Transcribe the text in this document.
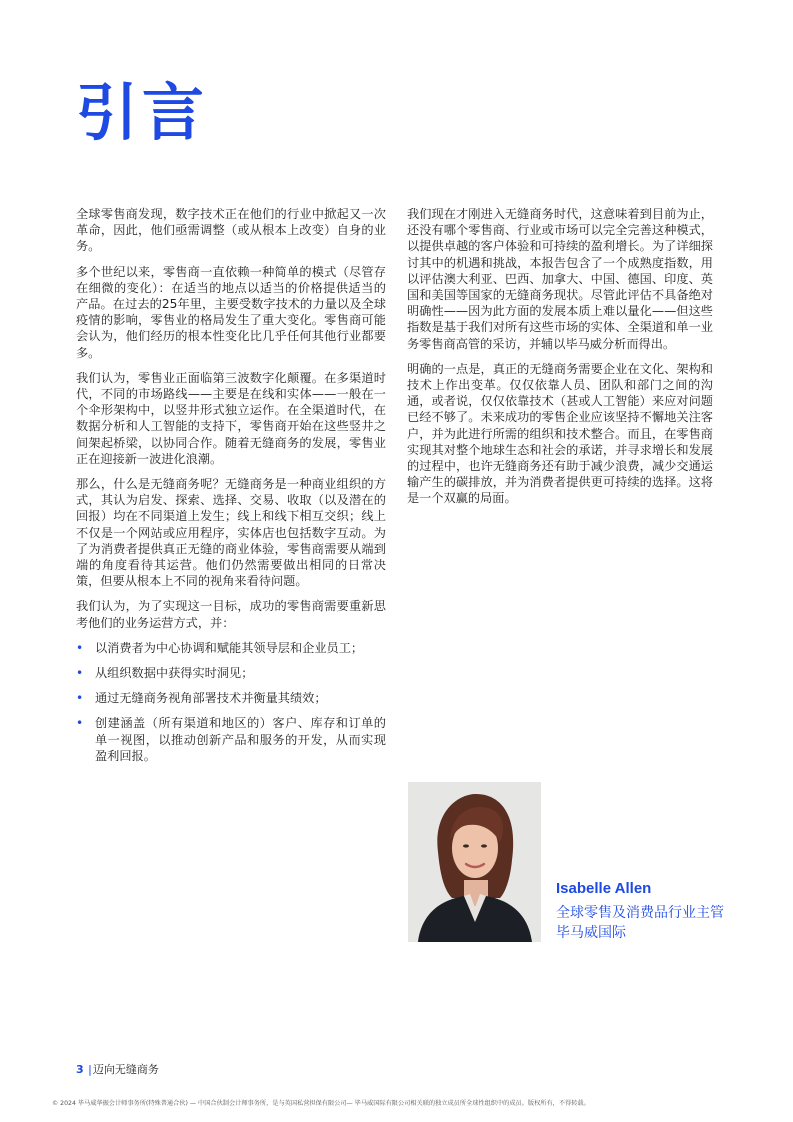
引言

全球零售商发现，数字技术正在他们的行业中掀起又一次革命，因此，他们亟需调整（或从根本上改变）自身的业务。

多个世纪以来，零售商一直依赖一种简单的模式（尽管存在细微的变化）：在适当的地点以适当的价格提供适当的产品。在过去的25年里，主要受数字技术的力量以及全球疫情的影响，零售业的格局发生了重大变化。零售商可能会认为，他们经历的根本性变化比几乎任何其他行业都要多。

我们认为，零售业正面临第三波数字化颠覆。在多渠道时代，不同的市场路线——主要是在线和实体——一般在一个伞形架构中，以竖井形式独立运作。在全渠道时代，在数据分析和人工智能的支持下，零售商开始在这些竖井之间架起桥梁，以协同合作。随着无缝商务的发展，零售业正在迎接新一波进化浪潮。

那么，什么是无缝商务呢？无缝商务是一种商业组织的方式，其认为启发、探索、选择、交易、收取（以及潜在的回报）均在不同渠道上发生；线上和线下相互交织；线上不仅是一个网站或应用程序，实体店也包括数字互动。为了为消费者提供真正无缝的商业体验，零售商需要从端到端的角度看待其运营。他们仍然需要做出相同的日常决策，但要从根本上不同的视角来看待问题。

我们认为，为了实现这一目标，成功的零售商需要重新思考他们的业务运营方式，并：

• 以消费者为中心协调和赋能其领导层和企业员工；
• 从组织数据中获得实时洞见；
• 通过无缝商务视角部署技术并衡量其绩效；
• 创建涵盖（所有渠道和地区的）客户、库存和订单的单一视图，以推动创新产品和服务的开发，从而实现盈利回报。

我们现在才刚进入无缝商务时代，这意味着到目前为止，还没有哪个零售商、行业或市场可以完全完善这种模式，以提供卓越的客户体验和可持续的盈利增长。为了详细探讨其中的机遇和挑战，本报告包含了一个成熟度指数，用以评估澳大利亚、巴西、加拿大、中国、德国、印度、英国和美国等国家的无缝商务现状。尽管此评估不具备绝对明确性——因为此方面的发展本质上难以量化——但这些指数是基于我们对所有这些市场的实体、全渠道和单一业务零售商高管的采访，并辅以毕马威分析而得出。

明确的一点是，真正的无缝商务需要企业在文化、架构和技术上作出变革。仅仅依靠人员、团队和部门之间的沟通，或者说，仅仅依靠技术（甚或人工智能）来应对问题已经不够了。未来成功的零售企业应该坚持不懈地关注客户，并为此进行所需的组织和技术整合。而且，在零售商实现其对整个地球生态和社会的承诺，并寻求增长和发展的过程中，也许无缝商务还有助于减少浪费，减少交通运输产生的碳排放，并为消费者提供更可持续的选择。这将是一个双赢的局面。

Isabelle Allen
全球零售及消费品行业主管
毕马威国际
3 |迈向无缝商务
© 2024 毕马威华振会计师事务所(特殊普通合伙) — 中国合伙制会计师事务所，是与英国私营担保有限公司— 毕马威国际有限公司相关联的独立成员所全球性组织中的成员。版权所有，不得转载。
